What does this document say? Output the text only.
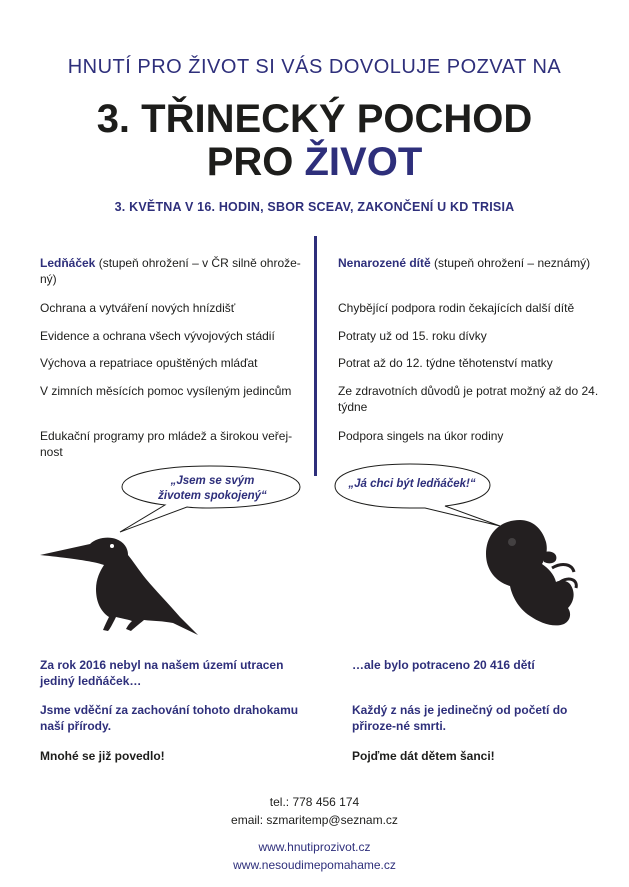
HNUTÍ PRO ŽIVOT SI VÁS DOVOLUJE POZVAT NA
3. TŘINECKÝ POCHOD
PRO ŽIVOT
3. KVĚTNA V 16. HODIN, SBOR SCEAV, ZAKONČENÍ U KD TRISIA
Ledňáček (stupeň ohrožení – v ČR silně ohrože-ný)
Ochrana a vytváření nových hnízdišť
Evidence a ochrana všech vývojových stádií
Výchova a repatriace opuštěných mláďat
V zimních měsících pomoc vysíleným jedincům
Edukační programy pro mládež a širokou veřej-nost
Nenarozené dítě (stupeň ohrožení – neznámý)
Chybějící podpora rodin čekajících další dítě
Potraty už od 15. roku dívky
Potrat až do 12. týdne těhotenství matky
Ze zdravotních důvodů je potrat možný až do 24. týdne
Podpora singels na úkor rodiny
„Jsem se svým životem spokojený“
„Já chci být ledňáček!“
Za rok 2016 nebyl na našem území utracen jediný ledňáček…
Jsme vděční za zachování tohoto drahokamu naší přírody.
Mnohé se již povedlo!
…ale bylo potraceno 20 416 dětí
Každý z nás je jedinečný od početí do přiroze-né smrti.
Pojďme dát dětem šanci!
tel.: 778 456 174
email: szmaritemp@seznam.cz
www.hnutiprozivot.cz
www.nesoudimepomahame.cz
